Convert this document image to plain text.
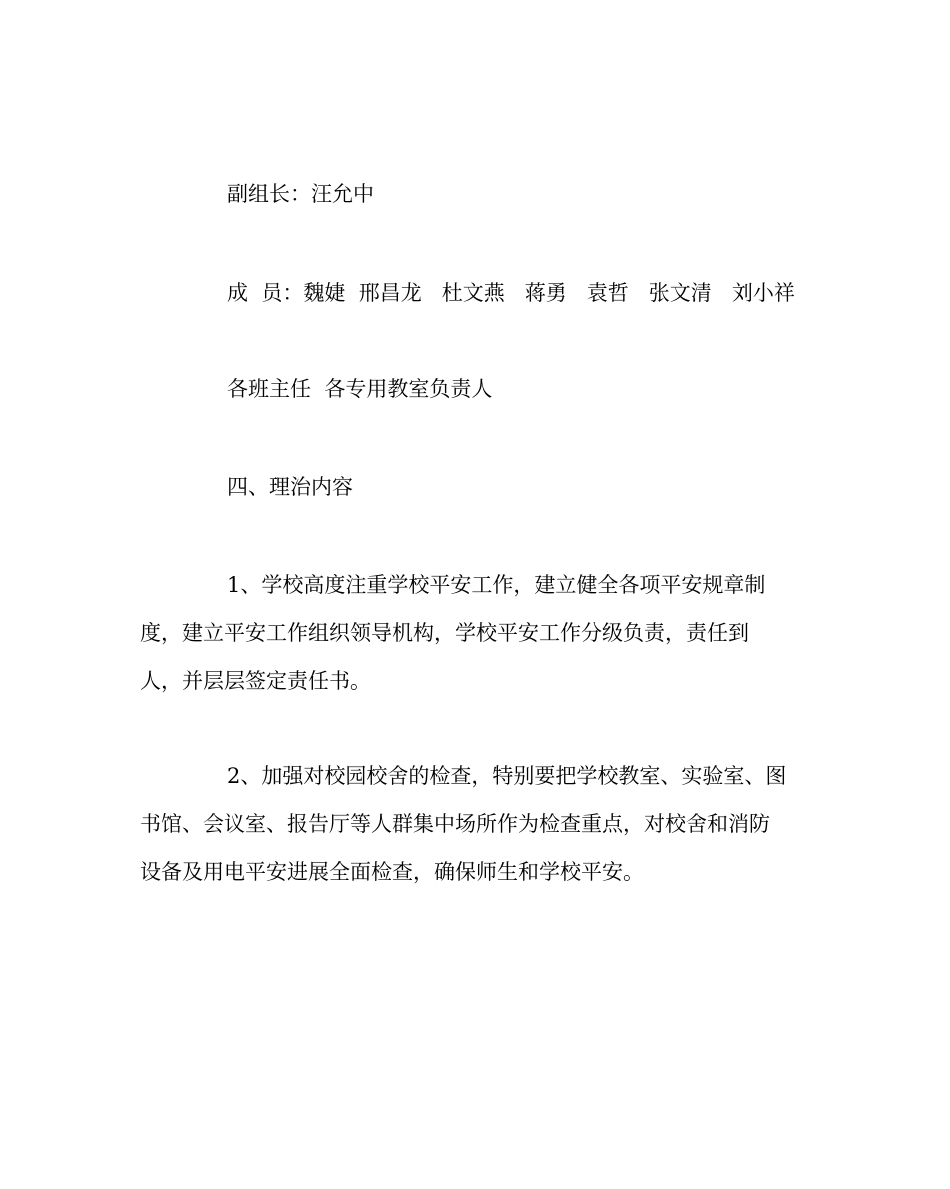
副组长：汪允中

成  员：魏婕  邢昌龙   杜文燕   蒋勇   袁哲   张文清   刘小祥

各班主任  各专用教室负责人

四、理治内容

1、学校高度注重学校平安工作，建立健全各项平安规章制

度，建立平安工作组织领导机构，学校平安工作分级负责，责任到

人，并层层签定责任书。

2、加强对校园校舍的检查，特别要把学校教室、实验室、图

书馆、会议室、报告厅等人群集中场所作为检查重点，对校舍和消防

设备及用电平安进展全面检查，确保师生和学校平安。
